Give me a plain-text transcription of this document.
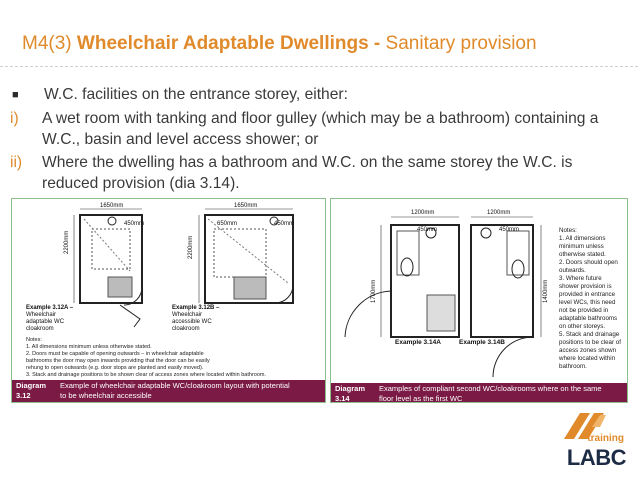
M4(3) Wheelchair Adaptable Dwellings - Sanitary provision
■	W.C. facilities on the entrance storey, either:
i)	A wet room with tanking and floor gulley (which may be a bathroom) containing a W.C., basin and level access shower; or
ii)	Where the dwelling has a bathroom and W.C. on the same storey the W.C. is reduced provision (dia 3.14).
1650mm	1650mm
450mm	450mm
650mm
2200mm	2200mm
Example 3.12A –
Wheelchair
adaptable WC
cloakroom
Example 3.12B –
Wheelchair
accessible WC
cloakroom
Notes:
1. All dimensions minimum unless otherwise stated.
2. Doors must be capable of opening outwards – in wheelchair adaptable
bathrooms the door may open inwards providing that the door can be easily
rehung to open outwards (e.g. door stops are planted and easily moved).
3. Stack and drainage positions to be shown clear of access zones where located within bathroom.
Diagram 3.12Example of wheelchair adaptable WC/cloakroom layout with potential to be wheelchair accessible
1200mm	1200mm
450mm	450mm
1700mm	1400mm
Example 3.14A	Example 3.14B
Notes:
1. All dimensions minimum unless otherwise stated.
2. Doors should open outwards.
3. Where future shower provision is provided in entrance level WCs, this need not be provided in adaptable bathrooms on other storeys.
5. Stack and drainage positions to be clear of access zones shown where located within bathroom.
Diagram 3.14Examples of compliant second WC/cloakrooms where on the same floor level as the first WC
training
LABC
